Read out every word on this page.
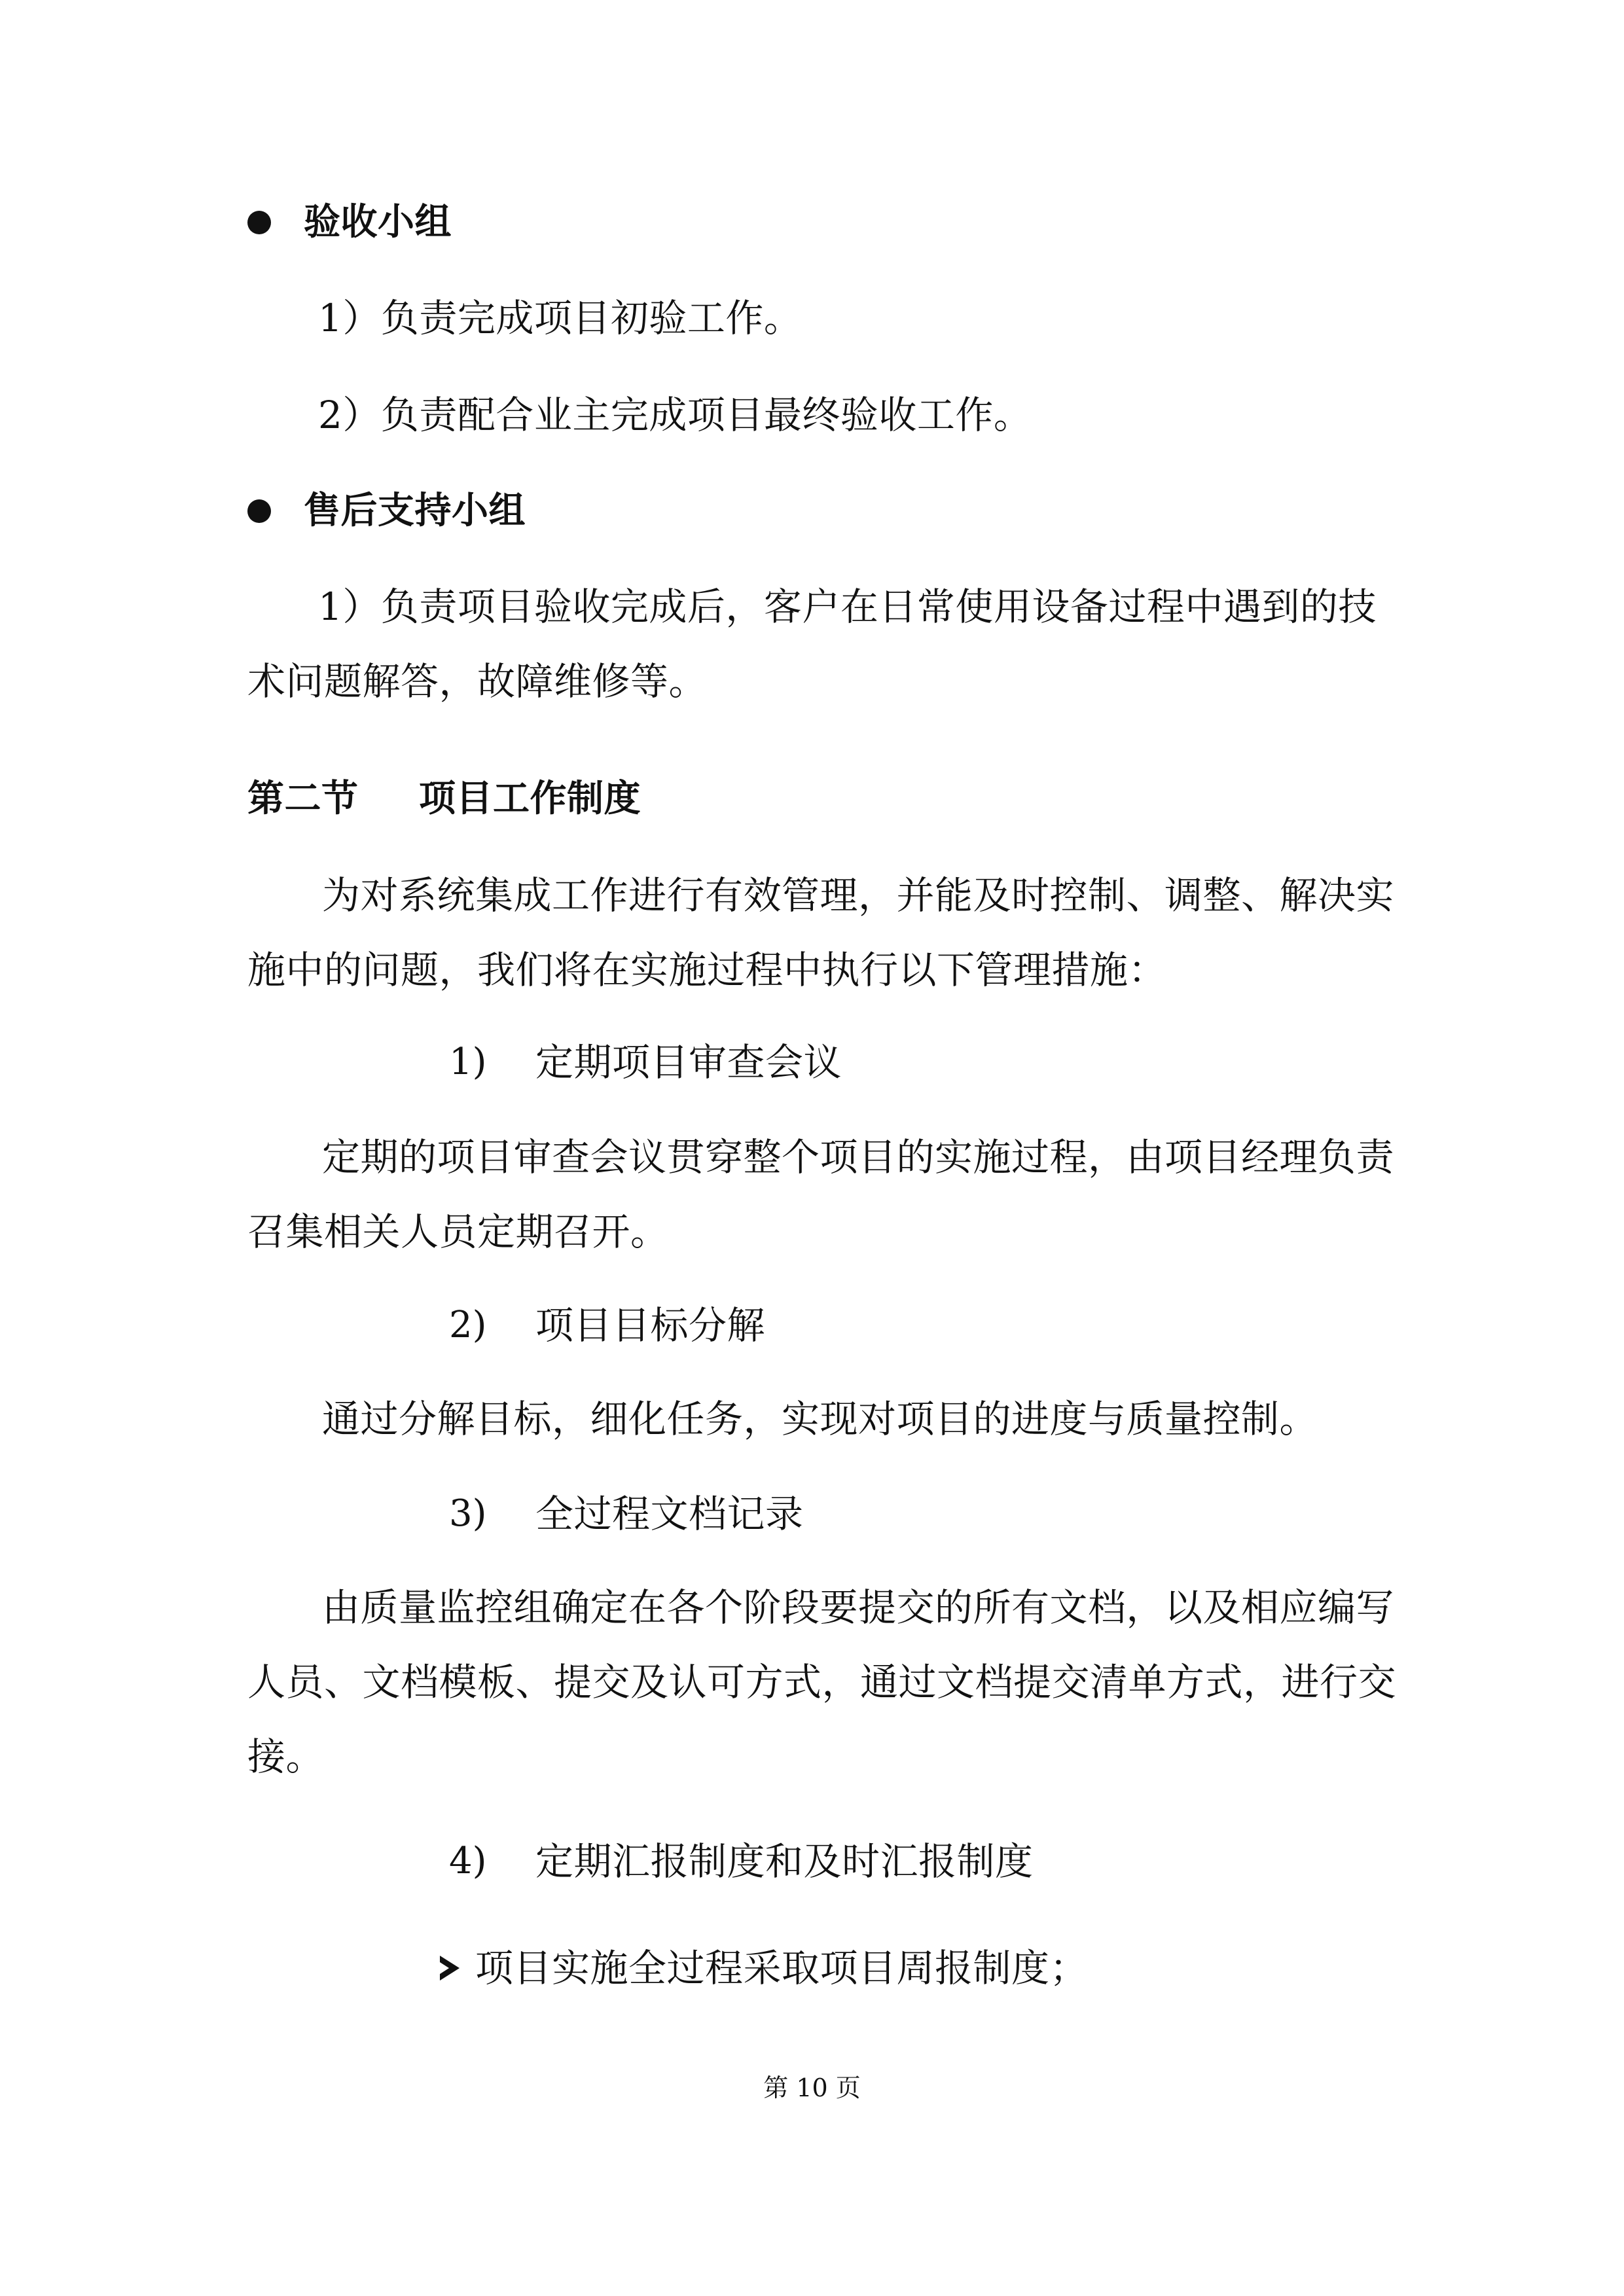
验收小组
1）负责完成项目初验工作。
2）负责配合业主完成项目最终验收工作。
售后支持小组
1）负责项目验收完成后，客户在日常使用设备过程中遇到的技
术问题解答，故障维修等。
第二节 项目工作制度
为对系统集成工作进行有效管理，并能及时控制、调整、解决实
施中的问题，我们将在实施过程中执行以下管理措施：
1) 定期项目审查会议
定期的项目审查会议贯穿整个项目的实施过程，由项目经理负责
召集相关人员定期召开。
2) 项目目标分解
通过分解目标，细化任务，实现对项目的进度与质量控制。
3) 全过程文档记录
由质量监控组确定在各个阶段要提交的所有文档，以及相应编写
人员、文档模板、提交及认可方式，通过文档提交清单方式，进行交
接。
4) 定期汇报制度和及时汇报制度
项目实施全过程采取项目周报制度；
第 10 页
